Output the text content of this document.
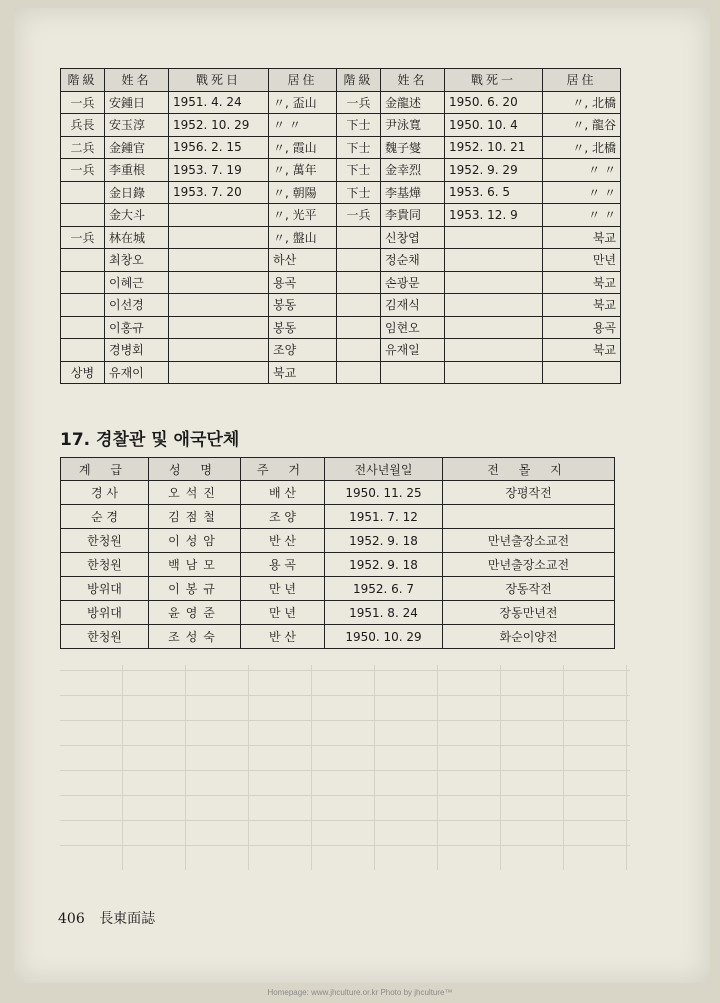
階級	姓名	戰死日	居住	階級	姓名	戰死一	居住
一兵	安鍾日	1951. 4. 24	〃, 盃山	一兵	金龍述	1950. 6. 20	〃, 北橋
兵長	安玉淳	1952. 10. 29	〃 〃	下士	尹泳寬	1950. 10. 4	〃, 龍谷
二兵	金鍾官	1956. 2. 15	〃, 霞山	下士	魏子燮	1952. 10. 21	〃, 北橋
一兵	李重根	1953. 7. 19	〃, 萬年	下士	金幸烈	1952. 9. 29	〃 〃
	金日錄	1953. 7. 20	〃, 朝陽	下士	李基燁	1953. 6. 5	〃 〃
	金大斗		〃, 光平	一兵	李貴同	1953. 12. 9	〃 〃
一兵	林在城		〃, 盤山		신창엽		북교
	최창오		하산		정순채		만년
	이혜근		용곡		손광문		북교
	이선경		봉동		김재식		북교
	이홍규		봉동		임현오		용곡
	경병회		조양		유재일		북교
상병	유재이		북교				
17. 경찰관 및 애국단체
계 급	성 명	주 거	전사년월일	전 몰 지
경 사	오석진	배 산	1950. 11. 25	장평작전
순 경	김점철	조 양	1951. 7. 12	
한청원	이성암	반 산	1952. 9. 18	만년출장소교전
한청원	백남모	용 곡	1952. 9. 18	만년출장소교전
방위대	이봉규	만 년	1952. 6. 7	장동작전
방위대	윤영준	만 년	1951. 8. 24	장동만년전
한청원	조성숙	반 산	1950. 10. 29	화순이양전
406 長東面誌
Homepage: www.jhculture.or.kr Photo by jhculture™
